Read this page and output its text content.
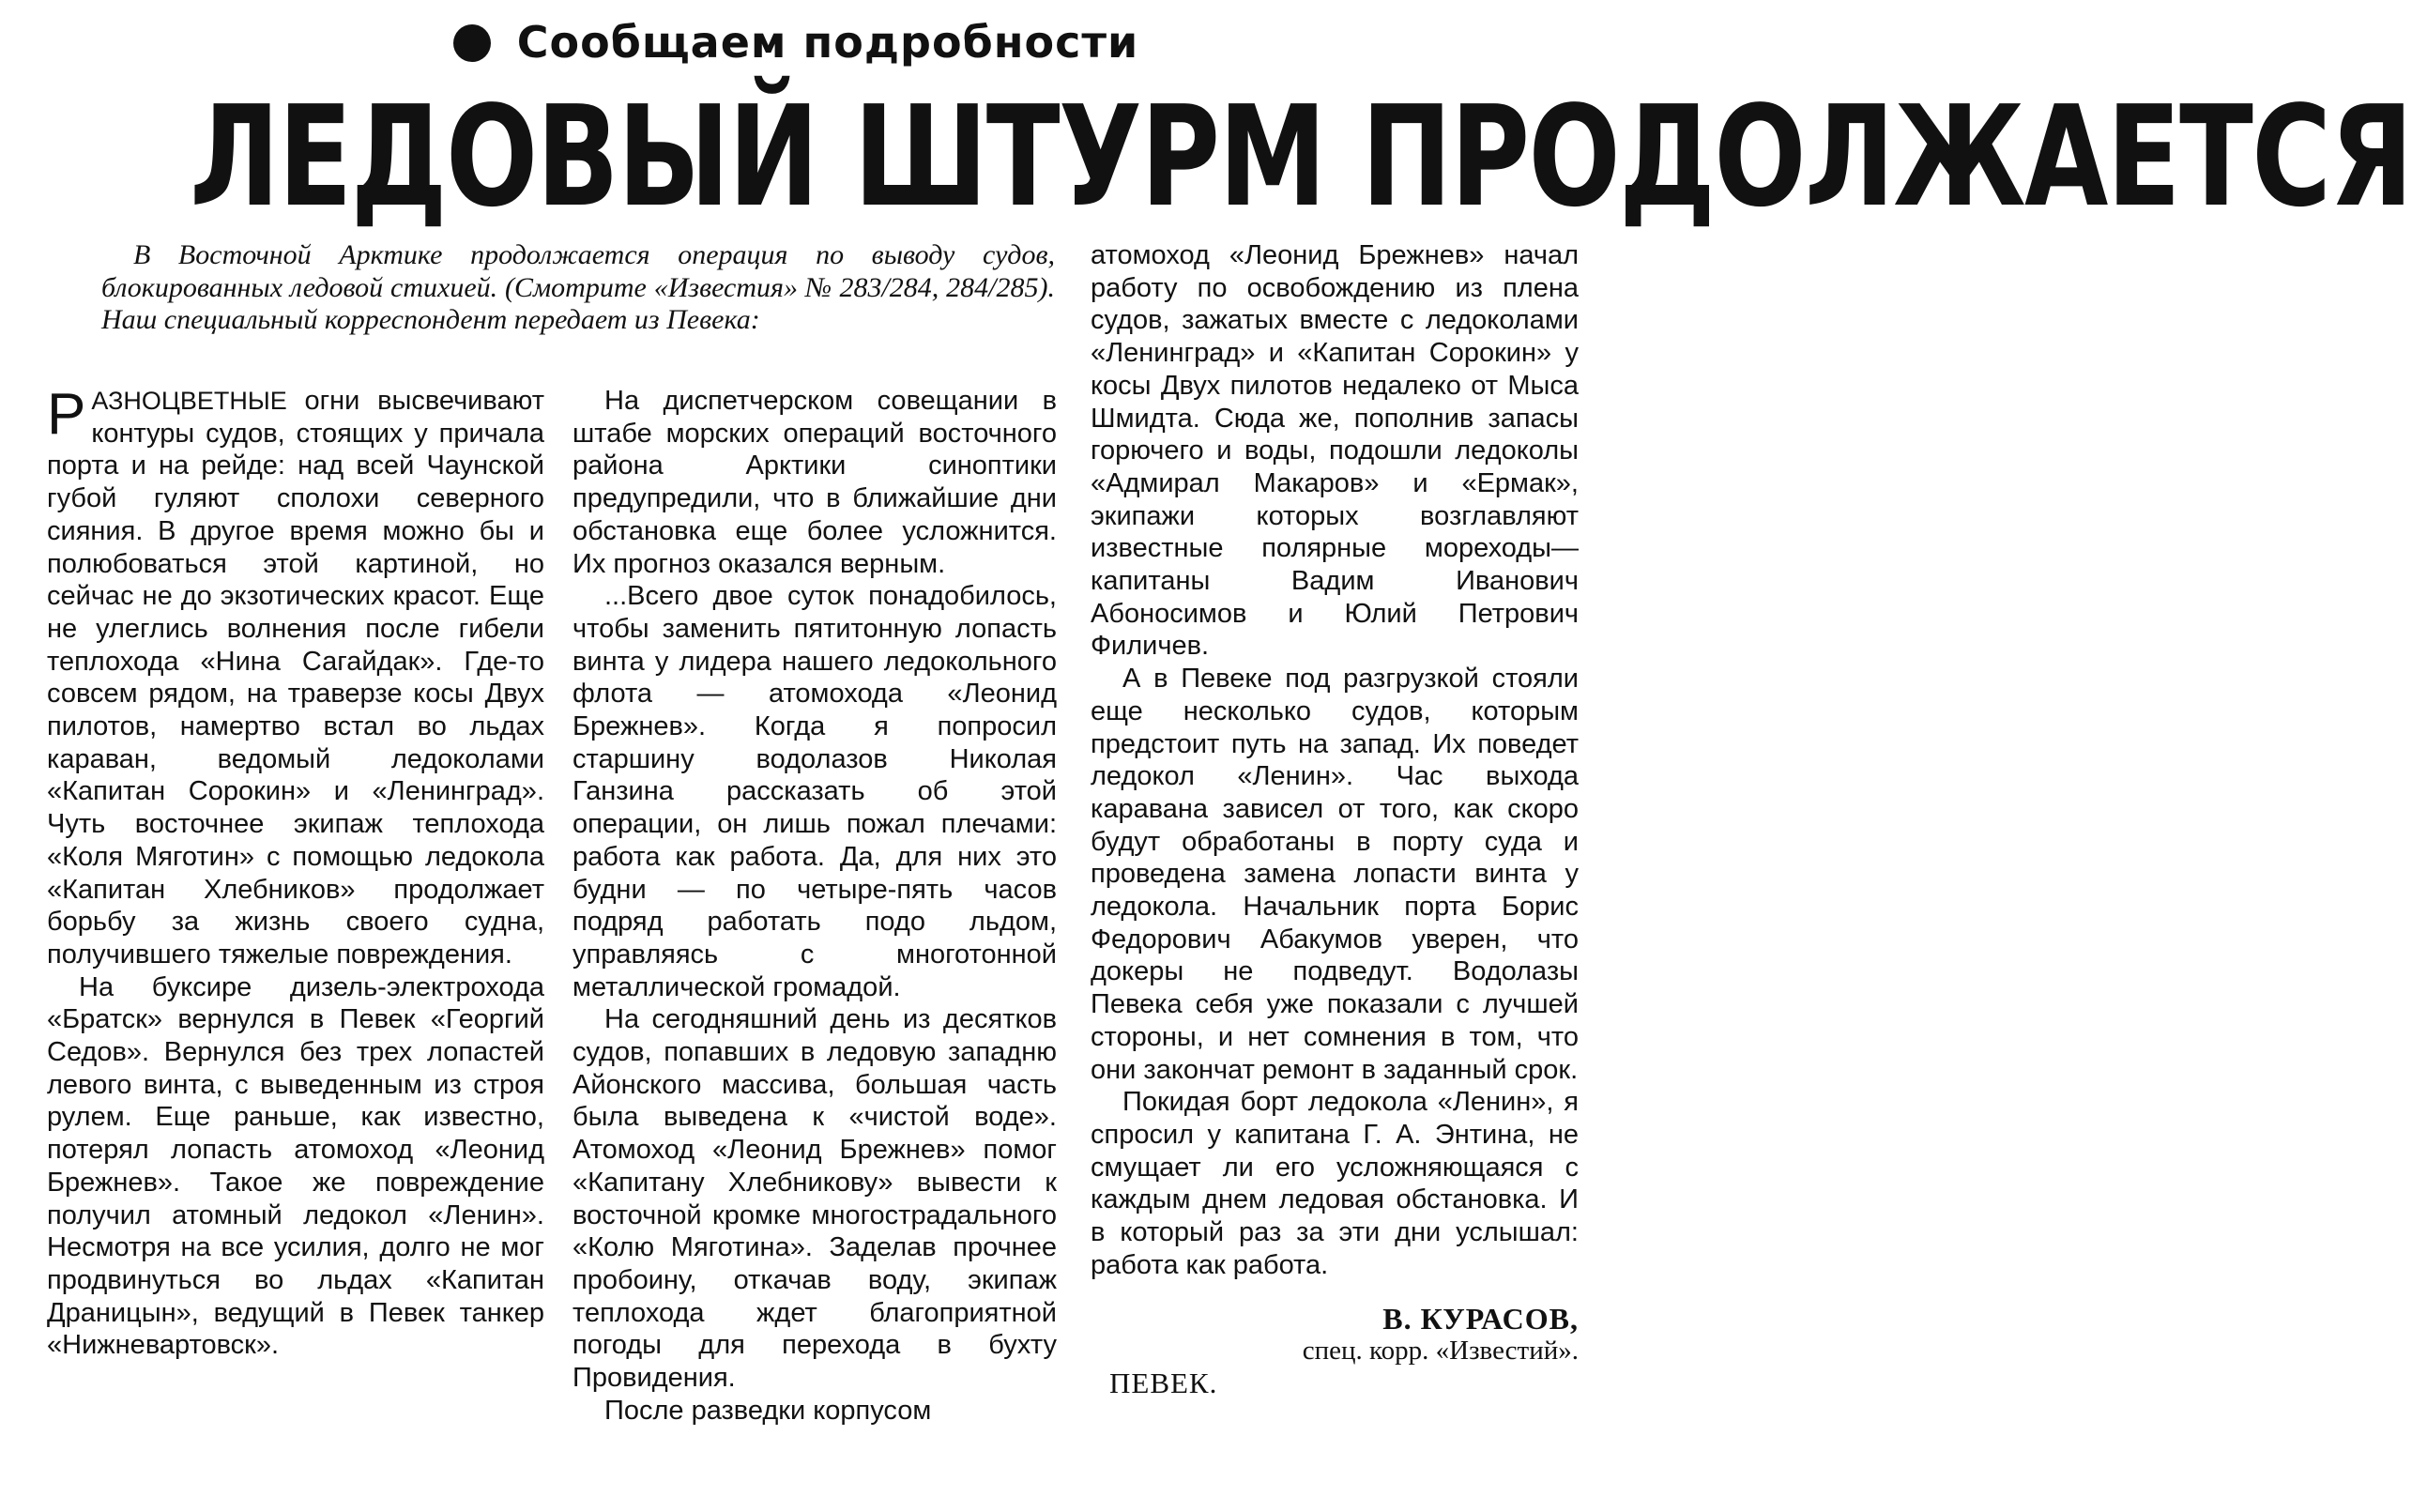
Сообщаем подробности
ЛЕДОВЫЙ ШТУРМ ПРОДОЛЖАЕТСЯ

В Восточной Арктике продолжается операция по выводу судов, блокированных ледовой стихией. (Смотрите «Известия» № 283/284, 284/285). Наш специальный корреспондент передает из Певека:

РАЗНОЦВЕТНЫЕ огни высвечивают контуры судов, стоящих у причала порта и на рейде: над всей Чаунской губой гуляют сполохи северного сияния. В другое время можно бы и полюбоваться этой картиной, но сейчас не до экзотических красот. Еще не улеглись волнения после гибели теплохода «Нина Сагайдак». Где-то совсем рядом, на траверзе косы Двух пилотов, намертво встал во льдах караван, ведомый ледоколами «Капитан Сорокин» и «Ленинград». Чуть восточнее экипаж теплохода «Коля Мяготин» с помощью ледокола «Капитан Хлебников» продолжает борьбу за жизнь своего судна, получившего тяжелые повреждения.

На буксире дизель-электрохода «Братск» вернулся в Певек «Георгий Седов». Вернулся без трех лопастей левого винта, с выведенным из строя рулем. Еще раньше, как известно, потерял лопасть атомоход «Леонид Брежнев». Такое же повреждение получил атомный ледокол «Ленин». Несмотря на все усилия, долго не мог продвинуться во льдах «Капитан Драницын», ведущий в Певек танкер «Нижневартовск».

На диспетчерском совещании в штабе морских операций восточного района Арктики синоптики предупредили, что в ближайшие дни обстановка еще более усложнится. Их прогноз оказался верным.

...Всего двое суток понадобилось, чтобы заменить пятитонную лопасть винта у лидера нашего ледокольного флота — атомохода «Леонид Брежнев». Когда я попросил старшину водолазов Николая Ганзина рассказать об этой операции, он лишь пожал плечами: работа как работа. Да, для них это будни — по четыре-пять часов подряд работать подо льдом, управляясь с многотонной металлической громадой.

На сегодняшний день из десятков судов, попавших в ледовую западню Айонского массива, большая часть была выведена к «чистой воде». Атомоход «Леонид Брежнев» помог «Капитану Хлебникову» вывести к восточной кромке многострадального «Колю Мяготина». Заделав прочнее пробоину, откачав воду, экипаж теплохода ждет благоприятной погоды для перехода в бухту Провидения.

После разведки корпусом

атомоход «Леонид Брежнев» начал работу по освобождению из плена судов, зажатых вместе с ледоколами «Ленинград» и «Капитан Сорокин» у косы Двух пилотов недалеко от Мыса Шмидта. Сюда же, пополнив запасы горючего и воды, подошли ледоколы «Адмирал Макаров» и «Ермак», экипажи которых возглавляют известные полярные мореходы—капитаны Вадим Иванович Абоносимов и Юлий Петрович Филичев.

А в Певеке под разгрузкой стояли еще несколько судов, которым предстоит путь на запад. Их поведет ледокол «Ленин». Час выхода каравана зависел от того, как скоро будут обработаны в порту суда и проведена замена лопасти винта у ледокола. Начальник порта Борис Федорович Абакумов уверен, что докеры не подведут. Водолазы Певека себя уже показали с лучшей стороны, и нет сомнения в том, что они закончат ремонт в заданный срок.

Покидая борт ледокола «Ленин», я спросил у капитана Г. А. Энтина, не смущает ли его усложняющаяся с каждым днем ледовая обстановка. И в который раз за эти дни услышал: работа как работа.

В. КУРАСОВ,
спец. корр. «Известий».
ПЕВЕК.
